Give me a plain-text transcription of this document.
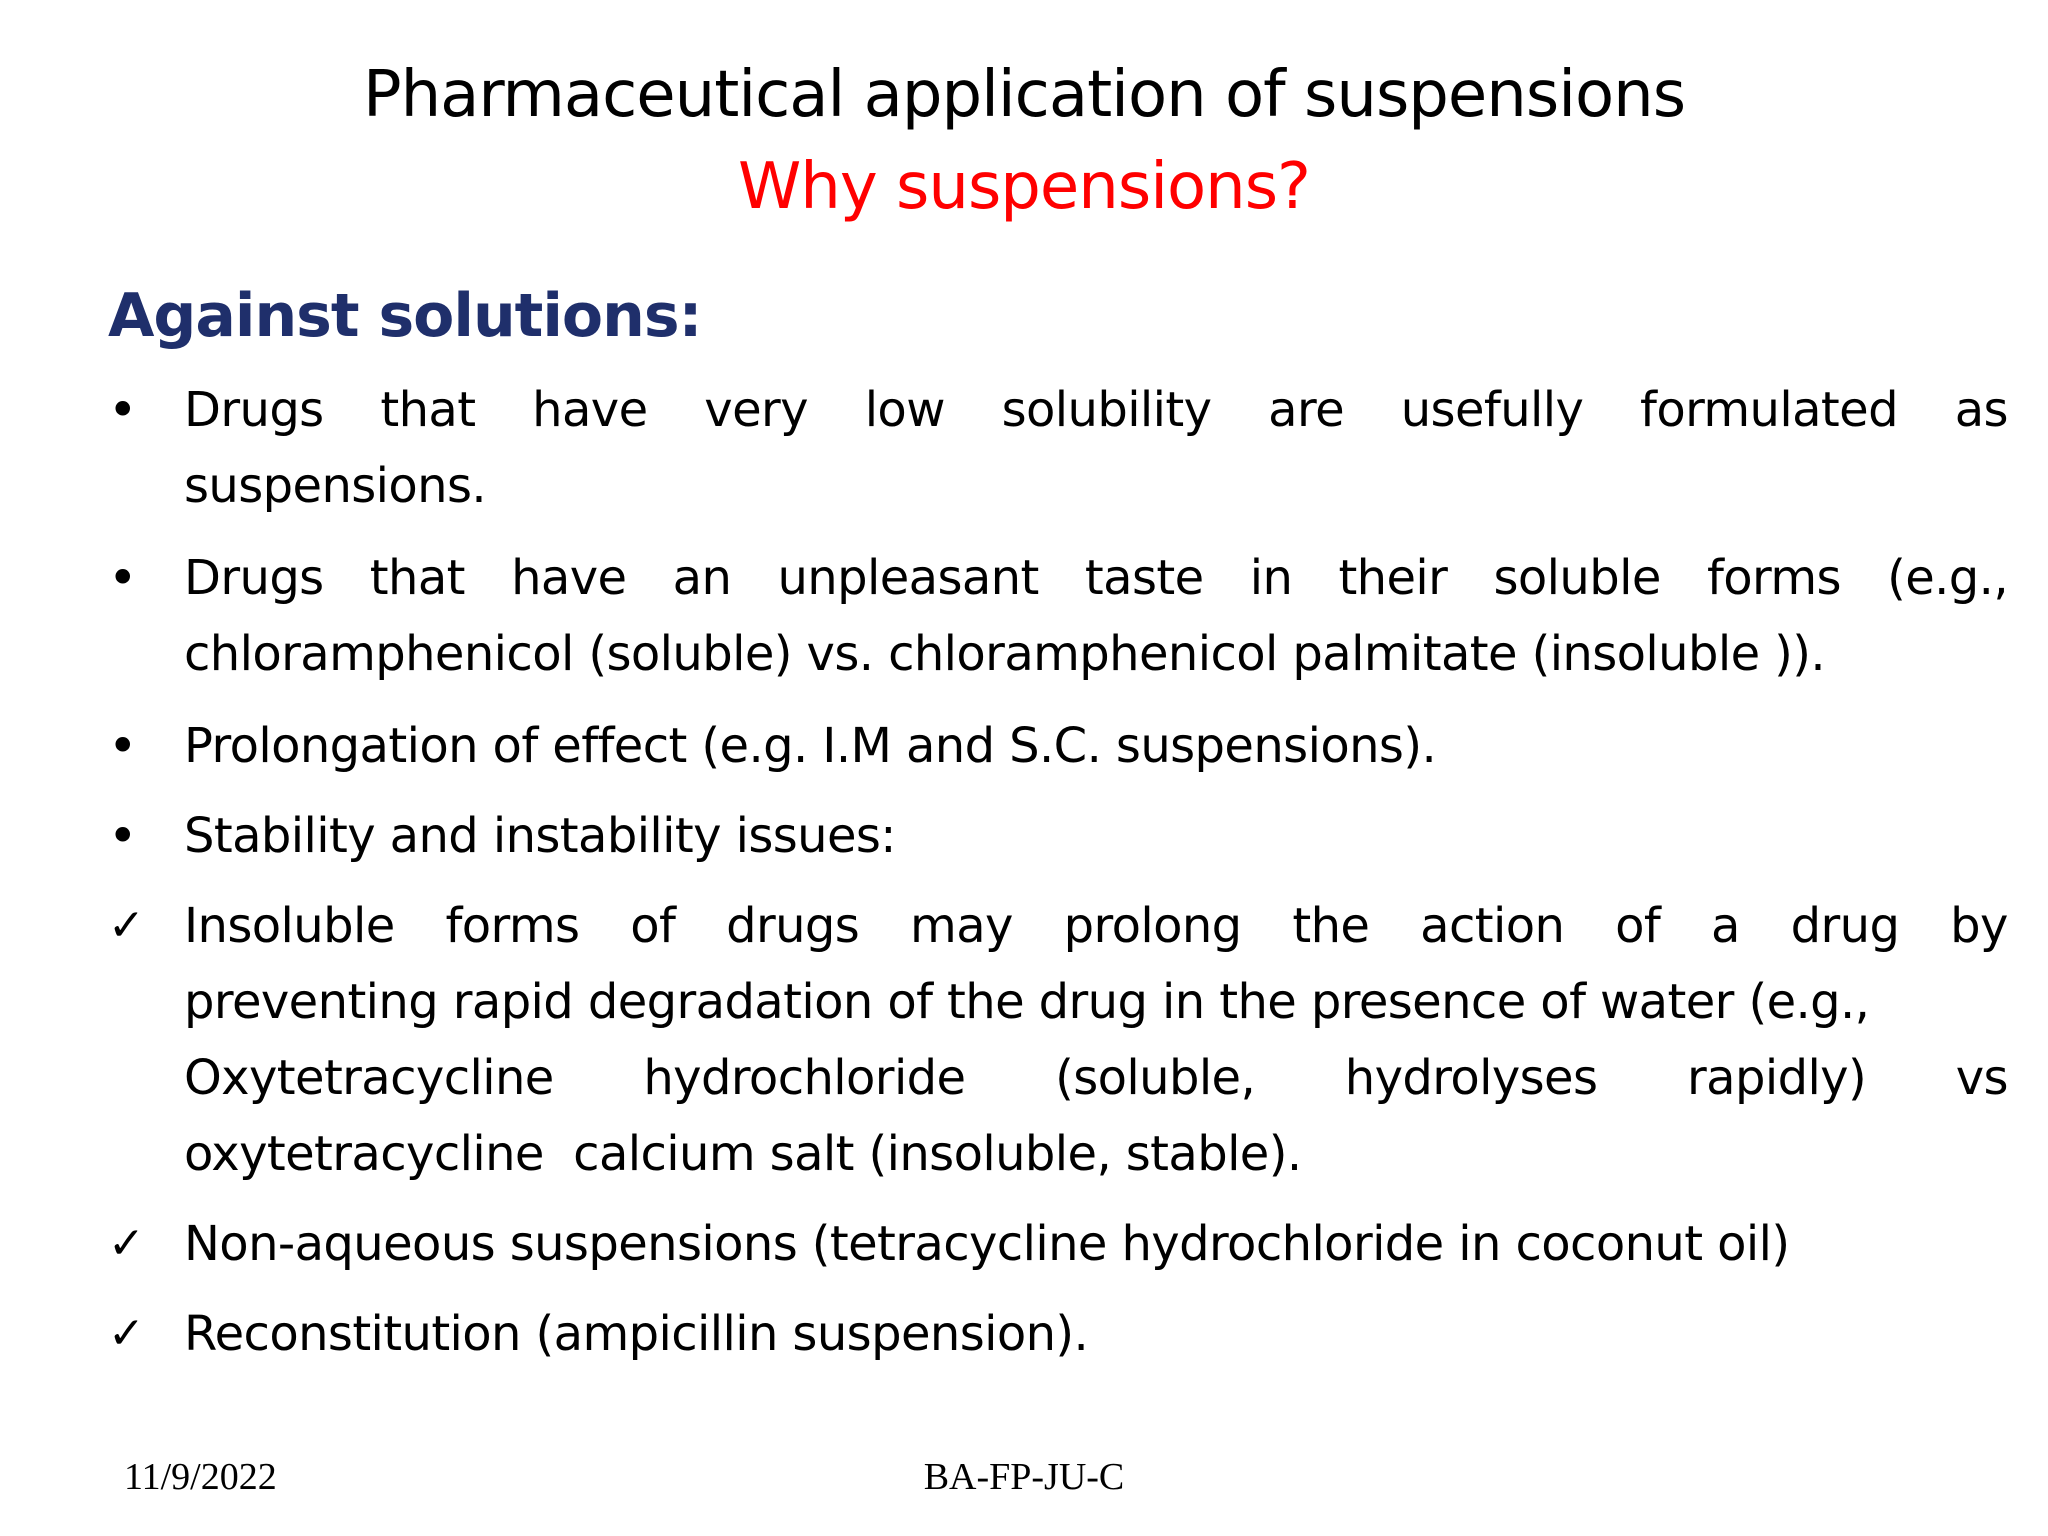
Pharmaceutical application of suspensions
Why suspensions?
Against solutions:
• Drugs that have very low solubility are usefully formulated as
suspensions.
• Drugs that have an unpleasant taste in their soluble forms (e.g.,
chloramphenicol (soluble) vs. chloramphenicol palmitate (insoluble )).
• Prolongation of effect (e.g. I.M and S.C. suspensions).
• Stability and instability issues:
✓ Insoluble forms of drugs may prolong the action of a drug by
preventing rapid degradation of the drug in the presence of water (e.g.,
Oxytetracycline hydrochloride (soluble, hydrolyses rapidly) vs
oxytetracycline  calcium salt (insoluble, stable).
✓ Non-aqueous suspensions (tetracycline hydrochloride in coconut oil)
✓ Reconstitution (ampicillin suspension).
11/9/2022	BA-FP-JU-C
